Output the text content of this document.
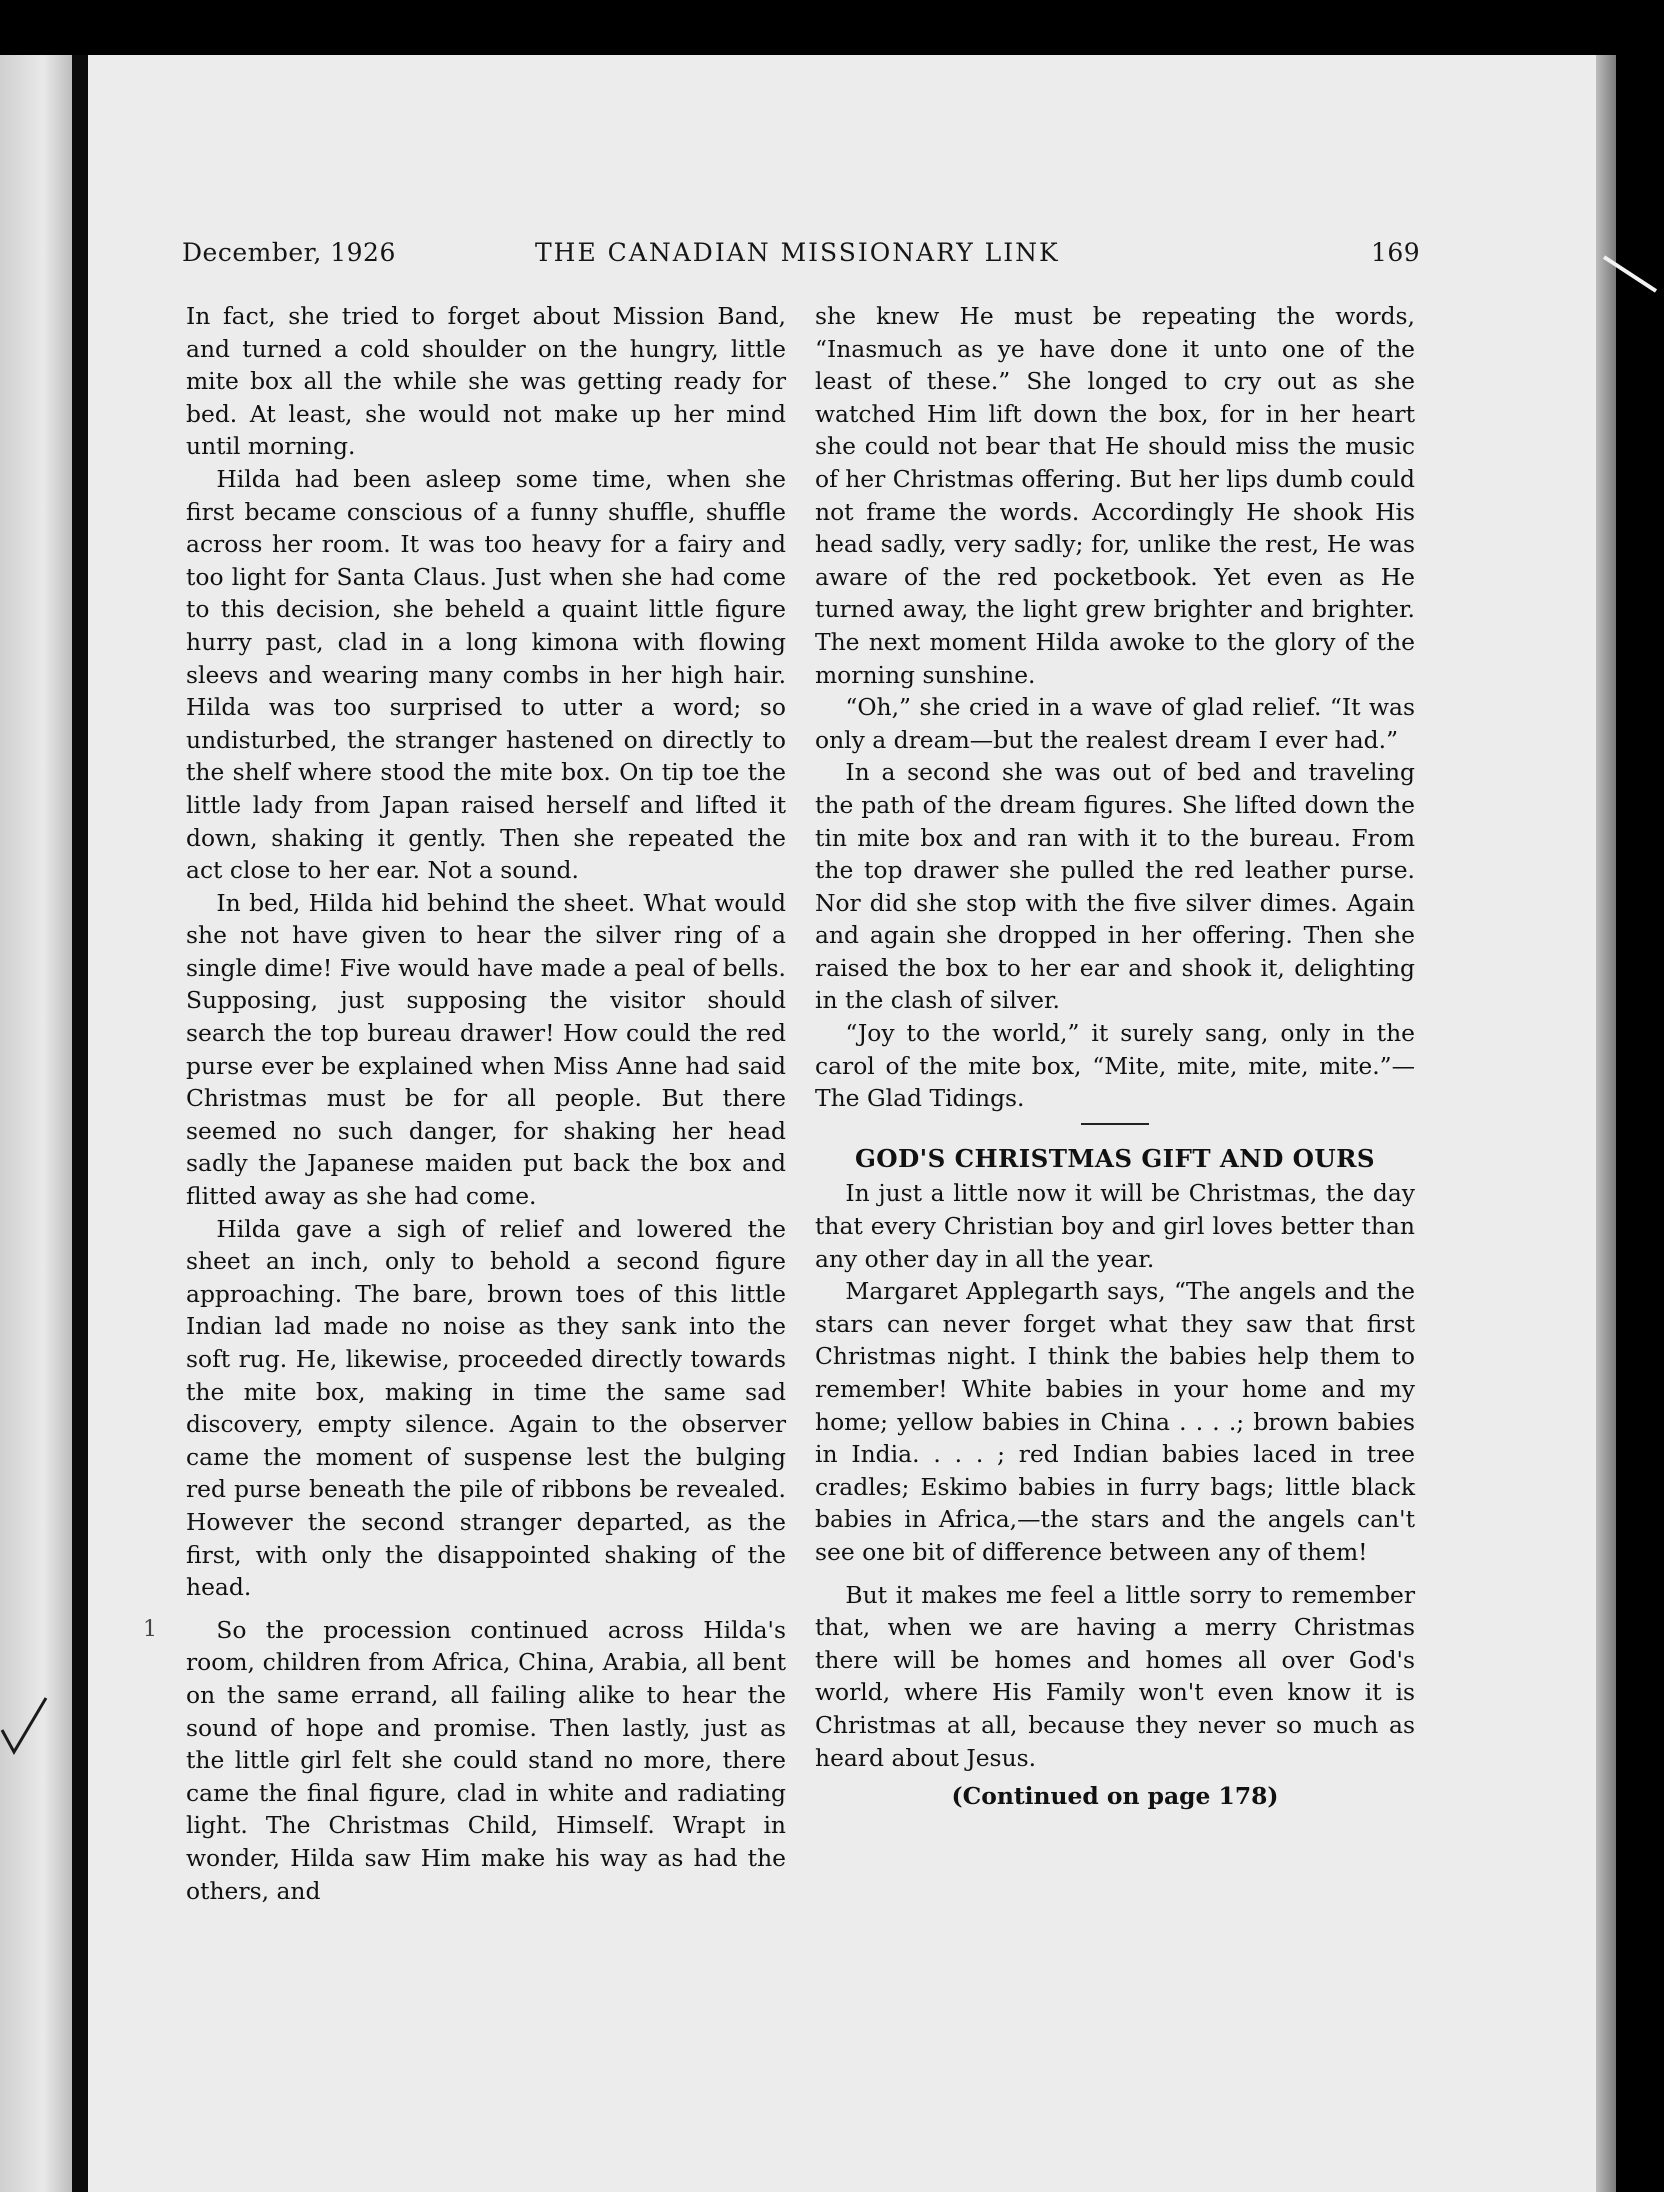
December, 1926	THE CANADIAN MISSIONARY LINK	169

In fact, she tried to forget about Mission Band, and turned a cold shoulder on the hungry, little mite box all the while she was getting ready for bed. At least, she would not make up her mind until morning.

Hilda had been asleep some time, when she first became conscious of a funny shuffle, shuffle across her room. It was too heavy for a fairy and too light for Santa Claus. Just when she had come to this decision, she beheld a quaint little figure hurry past, clad in a long kimona with flowing sleevs and wearing many combs in her high hair. Hilda was too surprised to utter a word; so undisturbed, the stranger hastened on directly to the shelf where stood the mite box. On tip toe the little lady from Japan raised herself and lifted it down, shaking it gently. Then she repeated the act close to her ear. Not a sound.

In bed, Hilda hid behind the sheet. What would she not have given to hear the silver ring of a single dime! Five would have made a peal of bells. Supposing, just supposing the visitor should search the top bureau drawer! How could the red purse ever be explained when Miss Anne had said Christmas must be for all people. But there seemed no such danger, for shaking her head sadly the Japanese maiden put back the box and flitted away as she had come.

Hilda gave a sigh of relief and lowered the sheet an inch, only to behold a second figure approaching. The bare, brown toes of this little Indian lad made no noise as they sank into the soft rug. He, likewise, proceeded directly towards the mite box, making in time the same sad discovery, empty silence. Again to the observer came the moment of suspense lest the bulging red purse beneath the pile of ribbons be revealed. However the second stranger departed, as the first, with only the disappointed shaking of the head.

So the procession continued across Hilda's room, children from Africa, China, Arabia, all bent on the same errand, all failing alike to hear the sound of hope and promise. Then lastly, just as the little girl felt she could stand no more, there came the final figure, clad in white and radiating light. The Christmas Child, Himself. Wrapt in wonder, Hilda saw Him make his way as had the others, and

she knew He must be repeating the words, “Inasmuch as ye have done it unto one of the least of these.” She longed to cry out as she watched Him lift down the box, for in her heart she could not bear that He should miss the music of her Christmas offering. But her lips dumb could not frame the words. Accordingly He shook His head sadly, very sadly; for, unlike the rest, He was aware of the red pocketbook. Yet even as He turned away, the light grew brighter and brighter. The next moment Hilda awoke to the glory of the morning sunshine.

“Oh,” she cried in a wave of glad relief. “It was only a dream—but the realest dream I ever had.”

In a second she was out of bed and traveling the path of the dream figures. She lifted down the tin mite box and ran with it to the bureau. From the top drawer she pulled the red leather purse. Nor did she stop with the five silver dimes. Again and again she dropped in her offering. Then she raised the box to her ear and shook it, delighting in the clash of silver.

“Joy to the world,” it surely sang, only in the carol of the mite box, “Mite, mite, mite, mite.”—The Glad Tidings.

GOD'S CHRISTMAS GIFT AND OURS

In just a little now it will be Christmas, the day that every Christian boy and girl loves better than any other day in all the year.

Margaret Applegarth says, “The angels and the stars can never forget what they saw that first Christmas night. I think the babies help them to remember! White babies in your home and my home; yellow babies in China . . . .; brown babies in India. . . . ; red Indian babies laced in tree cradles; Eskimo babies in furry bags; little black babies in Africa,—the stars and the angels can't see one bit of difference between any of them!

But it makes me feel a little sorry to remember that, when we are having a merry Christmas there will be homes and homes all over God's world, where His Family won't even know it is Christmas at all, because they never so much as heard about Jesus.

(Continued on page 178)

1
